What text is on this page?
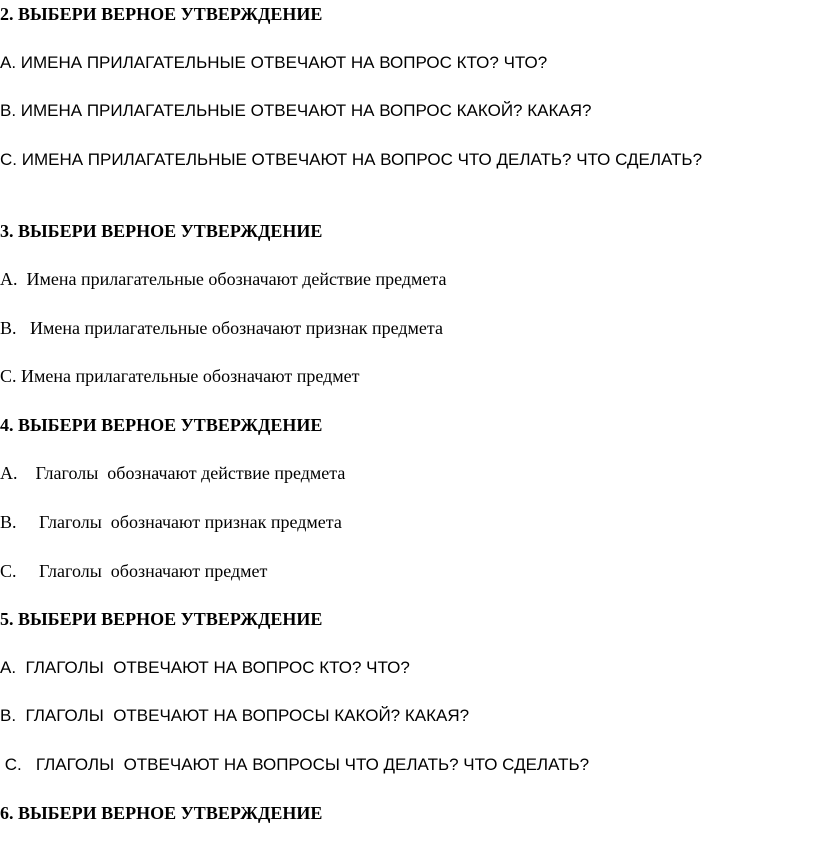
2. ВЫБЕРИ ВЕРНОЕ УТВЕРЖДЕНИЕ

А. ИМЕНА ПРИЛАГАТЕЛЬНЫЕ ОТВЕЧАЮТ НА ВОПРОС КТО? ЧТО?

В. ИМЕНА ПРИЛАГАТЕЛЬНЫЕ ОТВЕЧАЮТ НА ВОПРОС КАКОЙ? КАКАЯ?

С. ИМЕНА ПРИЛАГАТЕЛЬНЫЕ ОТВЕЧАЮТ НА ВОПРОС ЧТО ДЕЛАТЬ? ЧТО СДЕЛАТЬ?

3. ВЫБЕРИ ВЕРНОЕ УТВЕРЖДЕНИЕ

А.  Имена прилагательные обозначают действие предмета

В.   Имена прилагательные обозначают признак предмета

С. Имена прилагательные обозначают предмет

4. ВЫБЕРИ ВЕРНОЕ УТВЕРЖДЕНИЕ

А.    Глаголы  обозначают действие предмета

В.     Глаголы  обозначают признак предмета

С.     Глаголы  обозначают предмет

5. ВЫБЕРИ ВЕРНОЕ УТВЕРЖДЕНИЕ

А.  ГЛАГОЛЫ  ОТВЕЧАЮТ НА ВОПРОС КТО? ЧТО?

В.  ГЛАГОЛЫ  ОТВЕЧАЮТ НА ВОПРОСЫ КАКОЙ? КАКАЯ?

С.   ГЛАГОЛЫ  ОТВЕЧАЮТ НА ВОПРОСЫ ЧТО ДЕЛАТЬ? ЧТО СДЕЛАТЬ?

6. ВЫБЕРИ ВЕРНОЕ УТВЕРЖДЕНИЕ
